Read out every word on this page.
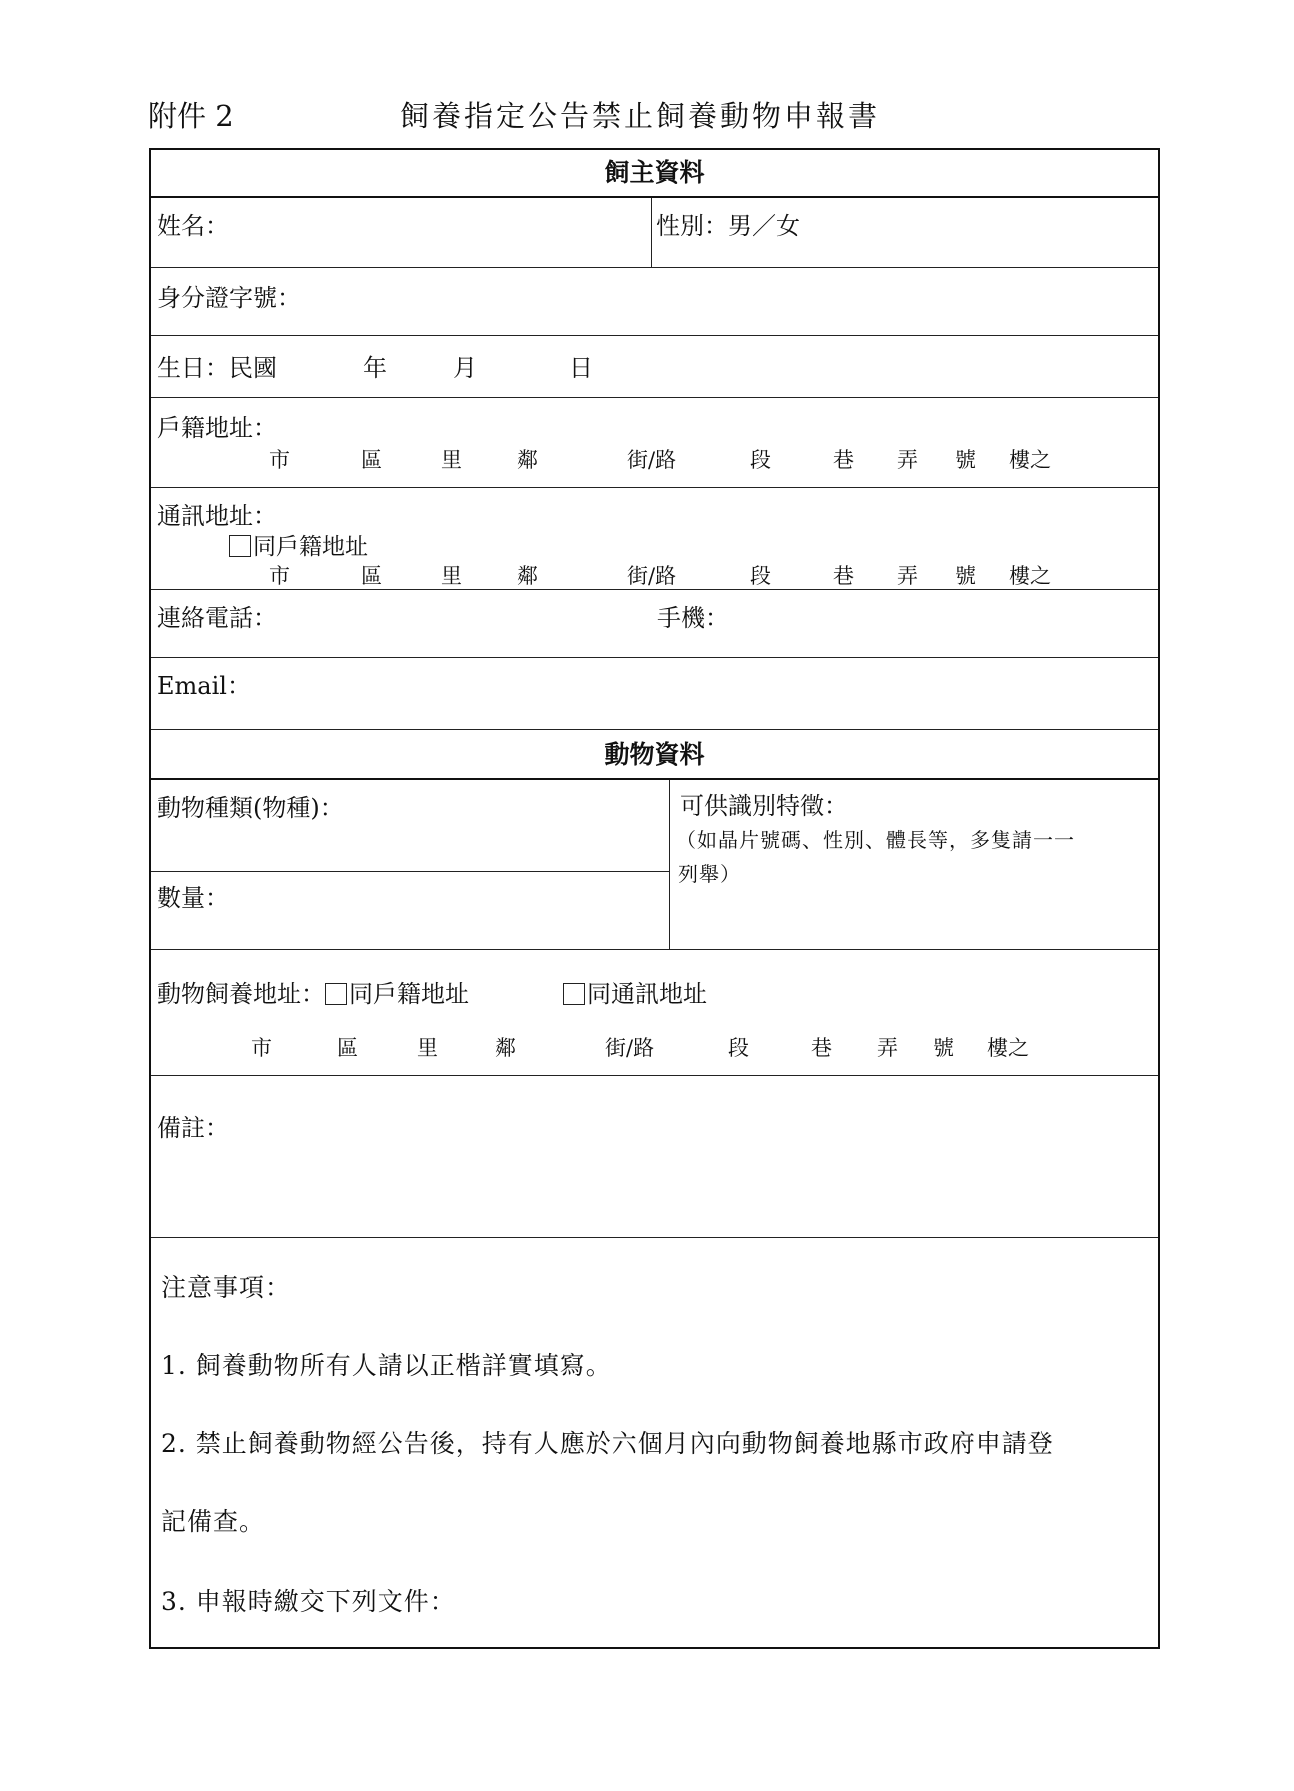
附件 2	飼養指定公告禁止飼養動物申報書
飼主資料
姓名：	性別：男／女
身分證字號：
生日：民國	年	月	日
戶籍地址：
市	區	里	鄰	街/路	段	巷 弄 號 樓之
通訊地址：
同戶籍地址
市	區	里	鄰	街/路	段	巷 弄 號 樓之
連絡電話：	手機：
Email：
動物資料
動物種類(物種)：
數量：
可供識別特徵：
（如晶片號碼、性別、體長等，多隻請一一
列舉）
動物飼養地址： 同戶籍地址	同通訊地址
市	區	里	鄰	街/路	段	巷 弄 號 樓之
備註：
注意事項：
1. 飼養動物所有人請以正楷詳實填寫。
2. 禁止飼養動物經公告後，持有人應於六個月內向動物飼養地縣市政府申請登
記備查。
3. 申報時繳交下列文件：
